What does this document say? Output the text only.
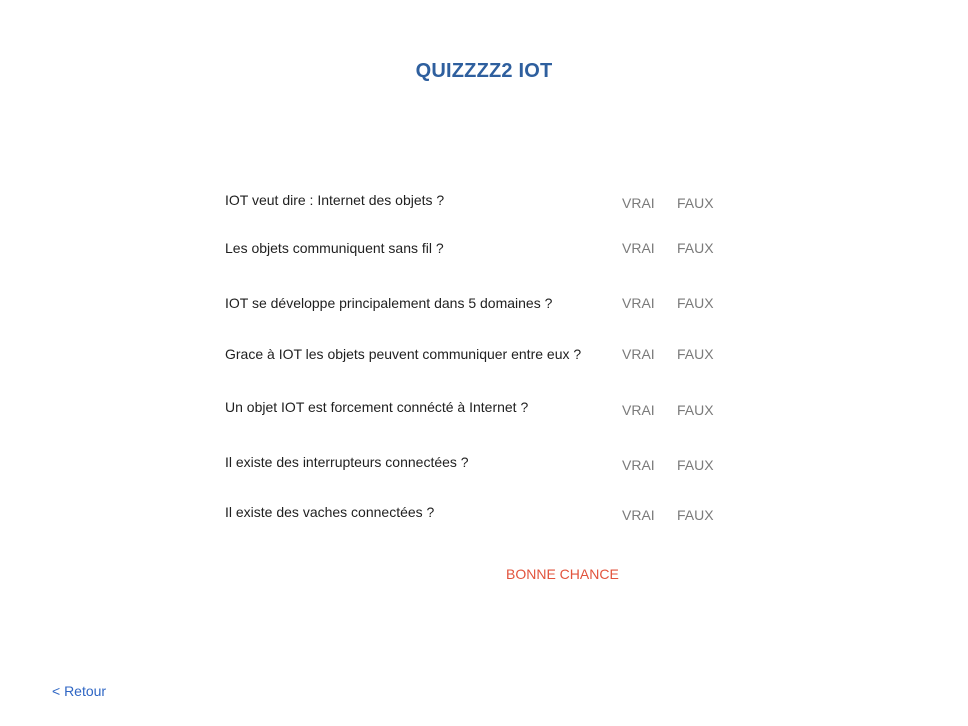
QUIZZZZ2 IOT
IOT veut dire : Internet des objets ?	VRAI FAUX
Les objets communiquent sans fil ?	VRAI FAUX
IOT se développe principalement dans 5 domaines ?	VRAI FAUX
Grace à IOT les objets peuvent communiquer entre eux ?	VRAI FAUX
Un objet IOT est forcement connécté à Internet ?	VRAI FAUX
Il existe des interrupteurs connectées ?	VRAI FAUX
Il existe des vaches connectées ?	VRAI FAUX
BONNE CHANCE
< Retour
